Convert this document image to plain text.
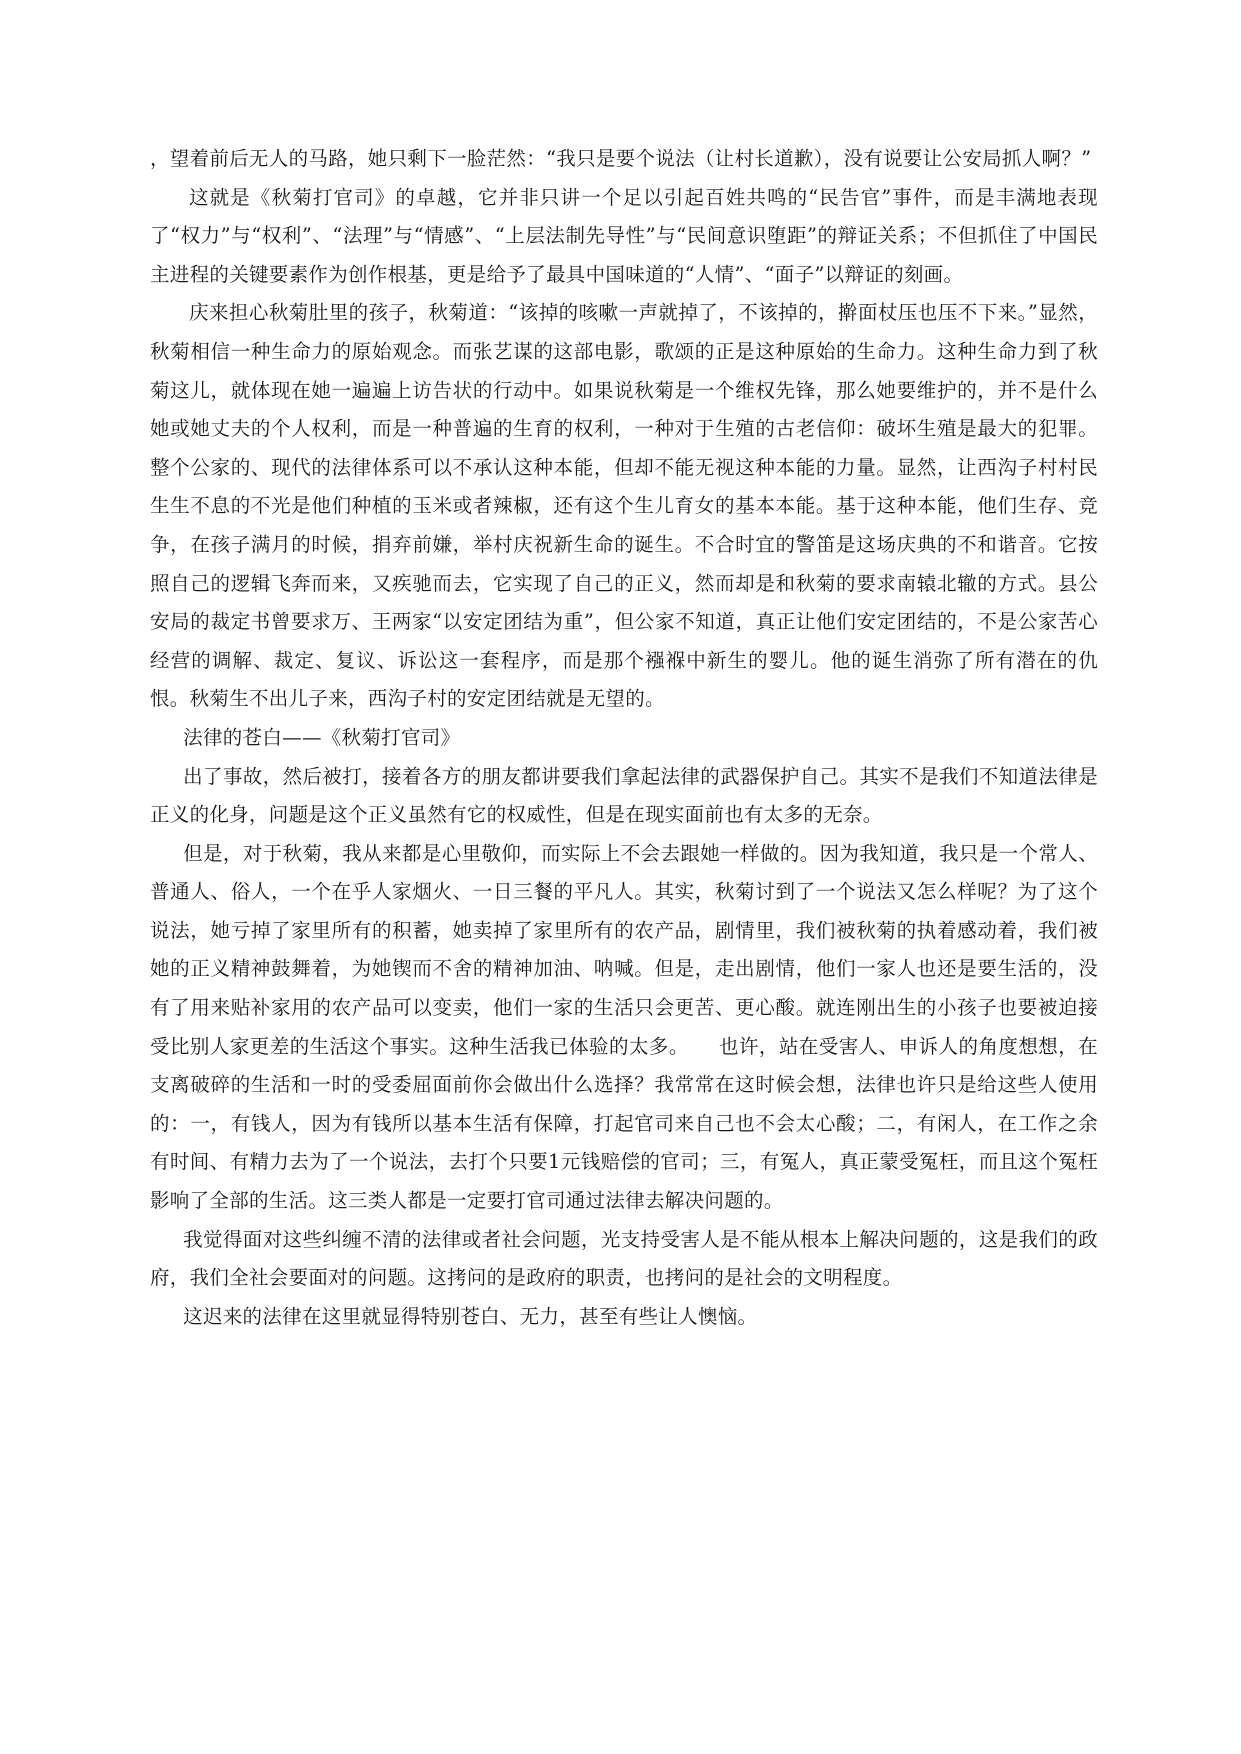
，望着前后无人的马路，她只剩下一脸茫然：“我只是要个说法（让村长道歉），没有说要让公安局抓人啊？”

这就是《秋菊打官司》的卓越，它并非只讲一个足以引起百姓共鸣的“民告官”事件，而是丰满地表现了“权力”与“权利”、“法理”与“情感”、“上层法制先导性”与“民间意识堕距”的辩证关系；不但抓住了中国民主进程的关键要素作为创作根基，更是给予了最具中国味道的“人情”、“面子”以辩证的刻画。

庆来担心秋菊肚里的孩子，秋菊道：“该掉的咳嗽一声就掉了，不该掉的，擀面杖压也压不下来。”显然，秋菊相信一种生命力的原始观念。而张艺谋的这部电影，歌颂的正是这种原始的生命力。这种生命力到了秋菊这儿，就体现在她一遍遍上访告状的行动中。如果说秋菊是一个维权先锋，那么她要维护的，并不是什么她或她丈夫的个人权利，而是一种普遍的生育的权利，一种对于生殖的古老信仰：破坏生殖是最大的犯罪。整个公家的、现代的法律体系可以不承认这种本能，但却不能无视这种本能的力量。显然，让西沟子村村民生生不息的不光是他们种植的玉米或者辣椒，还有这个生儿育女的基本本能。基于这种本能，他们生存、竞争，在孩子满月的时候，捐弃前嫌，举村庆祝新生命的诞生。不合时宜的警笛是这场庆典的不和谐音。它按照自己的逻辑飞奔而来，又疾驰而去，它实现了自己的正义，然而却是和秋菊的要求南辕北辙的方式。县公安局的裁定书曾要求万、王两家“以安定团结为重”，但公家不知道，真正让他们安定团结的，不是公家苦心经营的调解、裁定、复议、诉讼这一套程序，而是那个襁褓中新生的婴儿。他的诞生消弥了所有潜在的仇恨。秋菊生不出儿子来，西沟子村的安定团结就是无望的。

法律的苍白——《秋菊打官司》

出了事故，然后被打，接着各方的朋友都讲要我们拿起法律的武器保护自己。其实不是我们不知道法律是正义的化身，问题是这个正义虽然有它的权威性，但是在现实面前也有太多的无奈。

但是，对于秋菊，我从来都是心里敬仰，而实际上不会去跟她一样做的。因为我知道，我只是一个常人、普通人、俗人，一个在乎人家烟火、一日三餐的平凡人。其实，秋菊讨到了一个说法又怎么样呢？为了这个说法，她亏掉了家里所有的积蓄，她卖掉了家里所有的农产品，剧情里，我们被秋菊的执着感动着，我们被她的正义精神鼓舞着，为她锲而不舍的精神加油、呐喊。但是，走出剧情，他们一家人也还是要生活的，没有了用来贴补家用的农产品可以变卖，他们一家的生活只会更苦、更心酸。就连刚出生的小孩子也要被迫接受比别人家更差的生活这个事实。这种生活我已体验的太多。　　也许，站在受害人、申诉人的角度想想，在支离破碎的生活和一时的受委屈面前你会做出什么选择？我常常在这时候会想，法律也许只是给这些人使用的：一，有钱人，因为有钱所以基本生活有保障，打起官司来自己也不会太心酸；二，有闲人，在工作之余有时间、有精力去为了一个说法，去打个只要1元钱赔偿的官司；三，有冤人，真正蒙受冤枉，而且这个冤枉影响了全部的生活。这三类人都是一定要打官司通过法律去解决问题的。

我觉得面对这些纠缠不清的法律或者社会问题，光支持受害人是不能从根本上解决问题的，这是我们的政府，我们全社会要面对的问题。这拷问的是政府的职责，也拷问的是社会的文明程度。

这迟来的法律在这里就显得特别苍白、无力，甚至有些让人懊恼。
